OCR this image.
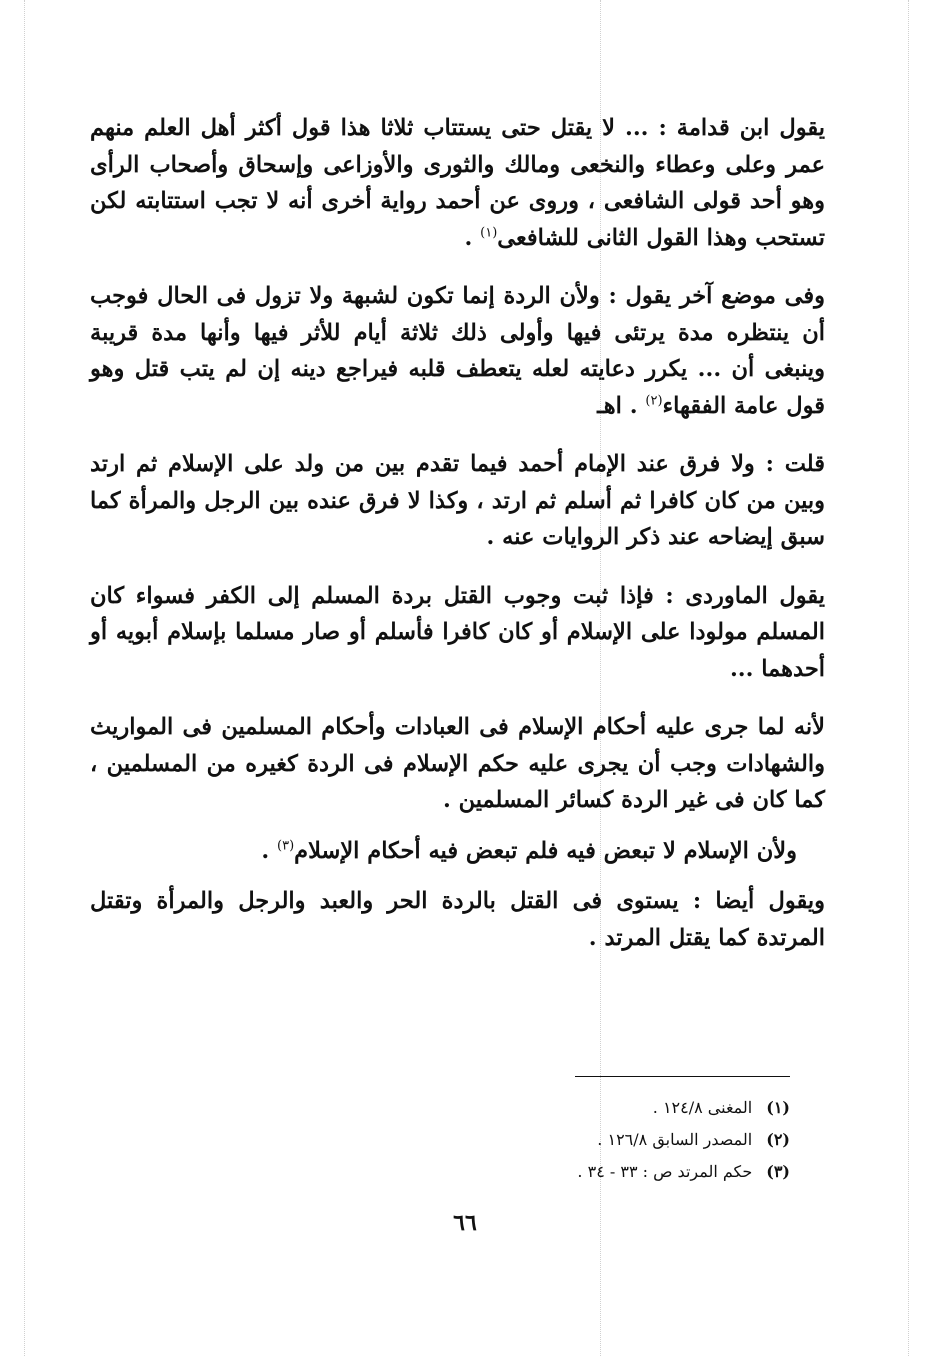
يقول ابن قدامة : ... لا يقتل حتى يستتاب ثلاثا هذا قول أكثر أهل العلم منهم عمر وعلى وعطاء والنخعى ومالك والثورى والأوزاعى وإسحاق وأصحاب الرأى وهو أحد قولى الشافعى ، وروى عن أحمد رواية أخرى أنه لا تجب استتابته لكن تستحب وهذا القول الثانى للشافعى$^{(١)}$ .

وفى موضع آخر يقول : ولأن الردة إنما تكون لشبهة ولا تزول فى الحال فوجب أن ينتظره مدة يرتئى فيها وأولى ذلك ثلاثة أيام للأثر فيها وأنها مدة قريبة وينبغى أن ... يكرر دعايته لعله يتعطف قلبه فيراجع دينه إن لم يتب قتل وهو قول عامة الفقهاء$^{(٢)}$ . اهـ

قلت : ولا فرق عند الإمام أحمد فيما تقدم بين من ولد على الإسلام ثم ارتد وبين من كان كافرا ثم أسلم ثم ارتد ، وكذا لا فرق عنده بين الرجل والمرأة كما سبق إيضاحه عند ذكر الروايات عنه .

يقول الماوردى : فإذا ثبت وجوب القتل بردة المسلم إلى الكفر فسواء كان المسلم مولودا على الإسلام أو كان كافرا فأسلم أو صار مسلما بإسلام أبويه أو أحدهما ...

لأنه لما جرى عليه أحكام الإسلام فى العبادات وأحكام المسلمين فى المواريث والشهادات وجب أن يجرى عليه حكم الإسلام فى الردة كغيره من المسلمين ، كما كان فى غير الردة كسائر المسلمين .

ولأن الإسلام لا تبعض فيه فلم تبعض فيه أحكام الإسلام$^{(٣)}$ .

ويقول أيضا : يستوى فى القتل بالردة الحر والعبد والرجل والمرأة وتقتل المرتدة كما يقتل المرتد .

(١)المغنى ١٢٤/٨ .
(٢)المصدر السابق ١٢٦/٨ .
(٣)حكم المرتد ص : ٣٣ - ٣٤ .
٦٦
